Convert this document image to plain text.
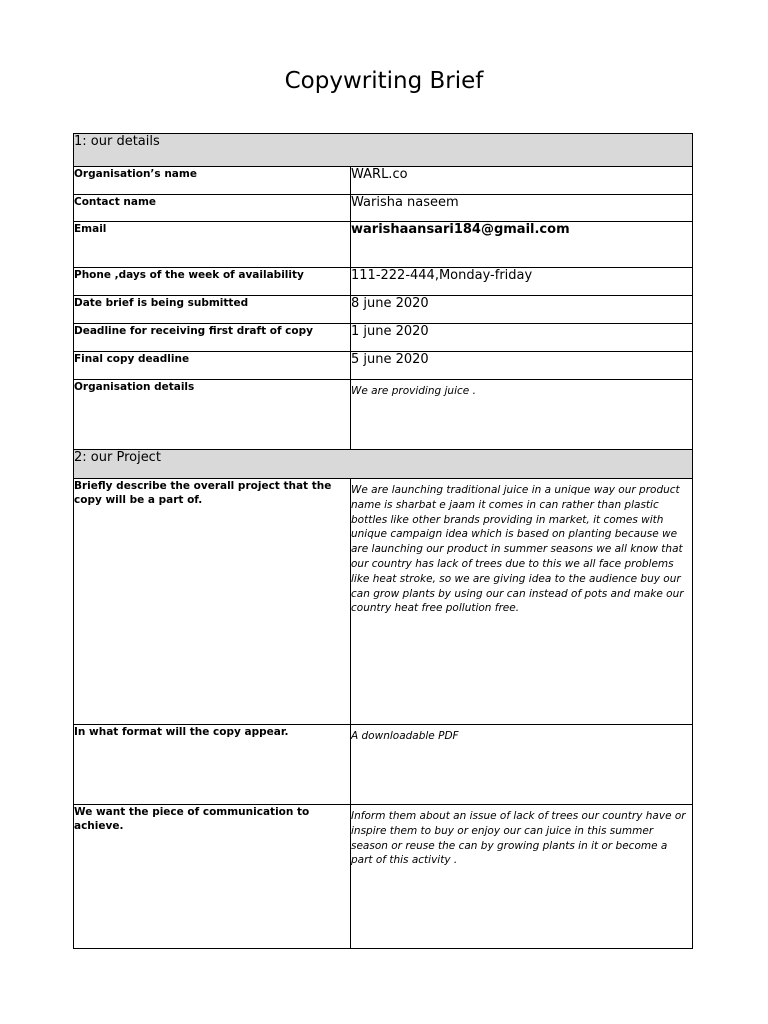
Copywriting Brief
1: our details	
Organisation’s name	WARL.co
Contact name	Warisha naseem
Email	warishaansari184@gmail.com
Phone ,days of the week of availability	111-222-444,Monday-friday
Date brief is being submitted	8 june 2020
Deadline for receiving first draft of copy	1 june 2020
Final copy deadline	5 june 2020
Organisation details	We are providing juice .
2: our Project	
Briefly describe the overall project that the copy will be a part of.	We are launching traditional juice in a unique way our product name is sharbat e jaam it comes in can rather than plastic bottles like other brands providing in market, it comes with unique campaign idea which is based on planting because we are launching our product in summer seasons we all know that our country has lack of trees due to this we all face problems like heat stroke, so we are giving idea to the audience buy our can grow plants by using our can instead of pots and make our country heat free pollution free.
In what format will the copy appear.	A downloadable PDF
We want the piece of communication to achieve.	Inform them about an issue of lack of trees our country have or inspire them to buy or enjoy our can juice in this summer season or reuse the can by growing plants in it or become a part of this activity .
